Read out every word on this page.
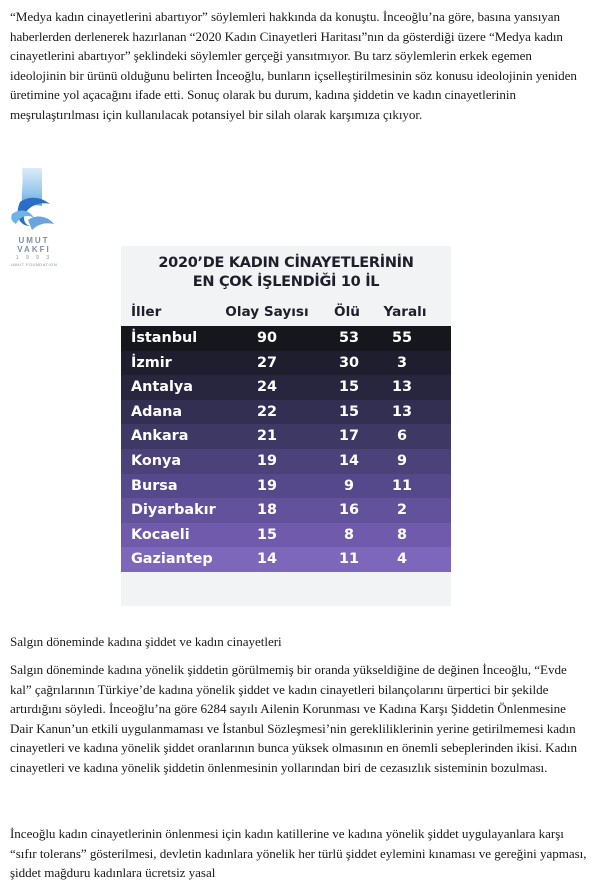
“Medya kadın cinayetlerini abartıyor” söylemleri hakkında da konuştu. İnceoğlu’na göre, basına yansıyan haberlerden derlenerek hazırlanan “2020 Kadın Cinayetleri Haritası”nın da gösterdiği üzere “Medya kadın cinayetlerini abartıyor” şeklindeki söylemler gerçeği yansıtmıyor. Bu tarz söylemlerin erkek egemen ideolojinin bir ürünü olduğunu belirten İnceoğlu, bunların içselleştirilmesinin söz konusu ideolojinin yeniden üretimine yol açacağını ifade etti. Sonuç olarak bu durum, kadına şiddetin ve kadın cinayetlerinin meşrulaştırılması için kullanılacak potansiyel bir silah olarak karşımıza çıkıyor.

UMUT
VAKFI
1 9 9 3
UMUT FOUNDATION	2020’DE KADIN CİNAYETLERİNİN
EN ÇOK İŞLENDİĞİ 10 İL
İller	Olay Sayısı	Ölü	Yaralı
İstanbul	90	53	55
İzmir	27	30	3
Antalya	24	15	13
Adana	22	15	13
Ankara	21	17	6
Konya	19	14	9
Bursa	19	9	11
Diyarbakır	18	16	2
Kocaeli	15	8	8
Gaziantep	14	11	4

Salgın döneminde kadına şiddet ve kadın cinayetleri

Salgın döneminde kadına yönelik şiddetin görülmemiş bir oranda yükseldiğine de değinen İnceoğlu, “Evde kal” çağrılarının Türkiye’de kadına yönelik şiddet ve kadın cinayetleri bilançolarını ürpertici bir şekilde artırdığını söyledi. İnceoğlu’na göre 6284 sayılı Ailenin Korunması ve Kadına Karşı Şiddetin Önlenmesine Dair Kanun’un etkili uygulanmaması ve İstanbul Sözleşmesi’nin gerekliliklerinin yerine getirilmemesi kadın cinayetleri ve kadına yönelik şiddet oranlarının bunca yüksek olmasının en önemli sebeplerinden ikisi. Kadın cinayetleri ve kadına yönelik şiddetin önlenmesinin yollarından biri de cezasızlık sisteminin bozulması.

İnceoğlu kadın cinayetlerinin önlenmesi için kadın katillerine ve kadına yönelik şiddet uygulayanlara karşı “sıfır tolerans” gösterilmesi, devletin kadınlara yönelik her türlü şiddet eylemini kınaması ve gereğini yapması, şiddet mağduru kadınlara ücretsiz yasal
